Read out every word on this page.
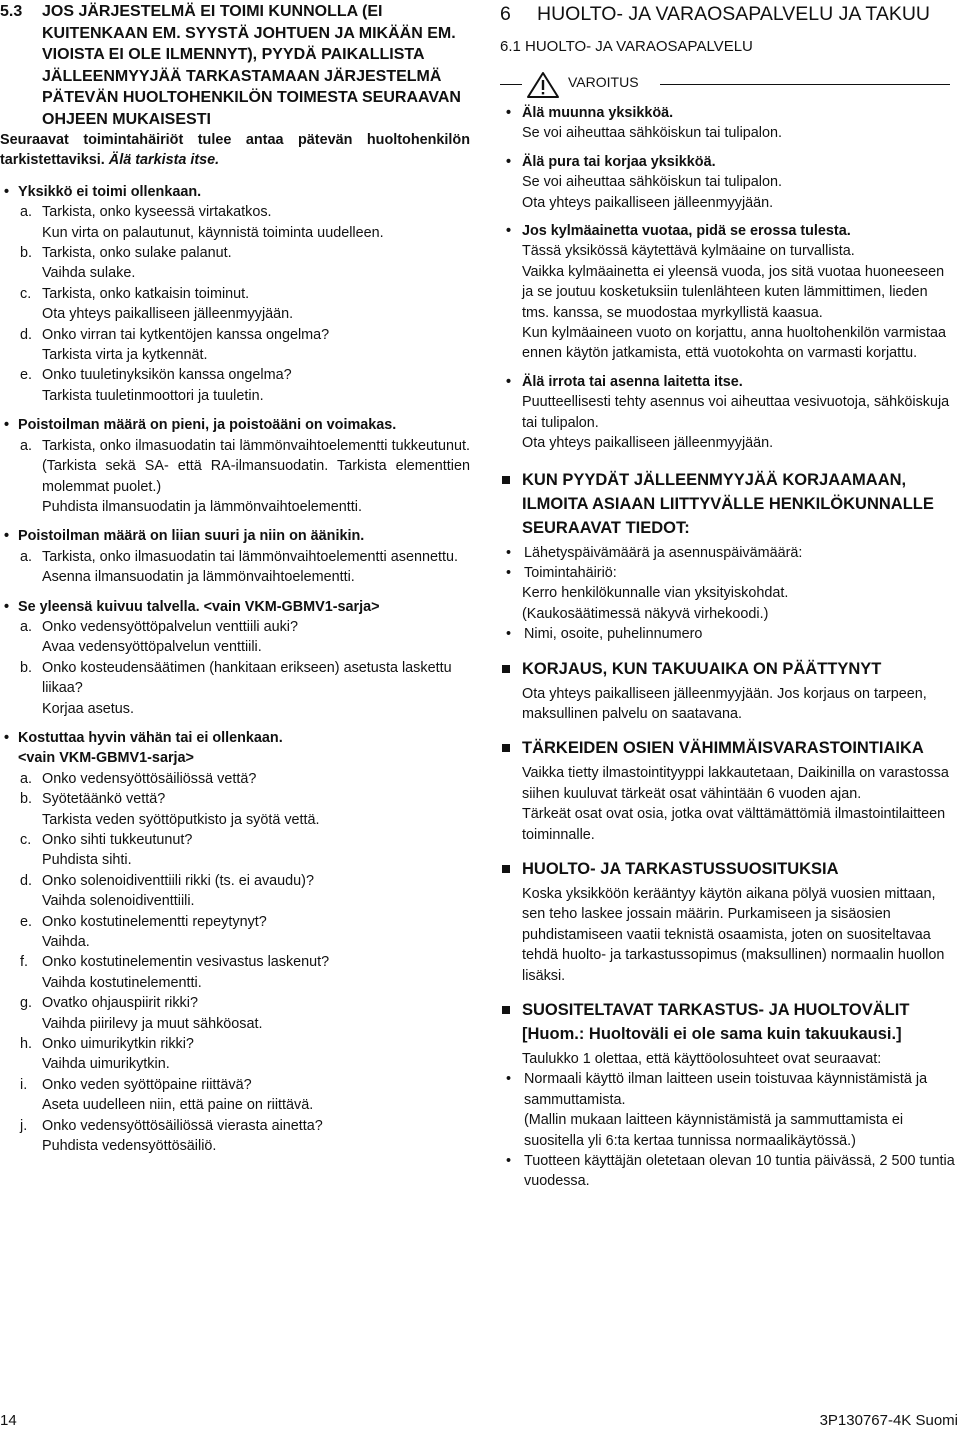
5.3 JOS JÄRJESTELMÄ EI TOIMI KUNNOLLA (EI KUITENKAAN EM. SYYSTÄ JOHTUEN JA MIKÄÄN EM. VIOISTA EI OLE ILMENNYT), PYYDÄ PAIKALLISTA JÄLLEENMYYJÄÄ TARKASTAMAAN JÄRJESTELMÄ PÄTEVÄN HUOLTOHENKILÖN TOIMESTA SEURAAVAN OHJEEN MUKAISESTI

Seuraavat toimintahäiriöt tulee antaa pätevän huoltohenkilön tarkistettaviksi. Älä tarkista itse.

• Yksikkö ei toimi ollenkaan.
a. Tarkista, onko kyseessä virtakatkos.
Kun virta on palautunut, käynnistä toiminta uudelleen.
b. Tarkista, onko sulake palanut.
Vaihda sulake.
c. Tarkista, onko katkaisin toiminut.
Ota yhteys paikalliseen jälleenmyyjään.
d. Onko virran tai kytkentöjen kanssa ongelma?
Tarkista virta ja kytkennät.
e. Onko tuuletinyksikön kanssa ongelma?
Tarkista tuuletinmoottori ja tuuletin.
• Poistoilman määrä on pieni, ja poistoääni on voimakas.
a. Tarkista, onko ilmasuodatin tai lämmönvaihtoelementti tukkeutunut. (Tarkista sekä SA- että RA-ilmansuodatin. Tarkista elementtien molemmat puolet.)
Puhdista ilmansuodatin ja lämmönvaihtoelementti.
• Poistoilman määrä on liian suuri ja niin on äänikin.
a. Tarkista, onko ilmasuodatin tai lämmönvaihtoelementti asennettu.
Asenna ilmansuodatin ja lämmönvaihtoelementti.
• Se yleensä kuivuu talvella. <vain VKM-GBMV1-sarja>
a. Onko vedensyöttöpalvelun venttiili auki?
Avaa vedensyöttöpalvelun venttiili.
b. Onko kosteudensäätimen (hankitaan erikseen) asetusta laskettu liikaa?
Korjaa asetus.
• Kostuttaa hyvin vähän tai ei ollenkaan.
<vain VKM-GBMV1-sarja>
a. Onko vedensyöttösäiliössä vettä?
b. Syötetäänkö vettä?
Tarkista veden syöttöputkisto ja syötä vettä.
c. Onko sihti tukkeutunut?
Puhdista sihti.
d. Onko solenoidiventtiili rikki (ts. ei avaudu)?
Vaihda solenoidiventtiili.
e. Onko kostutinelementti repeytynyt?
Vaihda.
f. Onko kostutinelementin vesivastus laskenut?
Vaihda kostutinelementti.
g. Ovatko ohjauspiirit rikki?
Vaihda piirilevy ja muut sähköosat.
h. Onko uimurikytkin rikki?
Vaihda uimurikytkin.
i. Onko veden syöttöpaine riittävä?
Aseta uudelleen niin, että paine on riittävä.
j. Onko vedensyöttösäiliössä vierasta ainetta?
Puhdista vedensyöttösäiliö.
6 HUOLTO- JA VARAOSAPALVELU JA TAKUU
6.1 HUOLTO- JA VARAOSAPALVELU
VAROITUS
• Älä muunna yksikköä.
Se voi aiheuttaa sähköiskun tai tulipalon.
• Älä pura tai korjaa yksikköä.
Se voi aiheuttaa sähköiskun tai tulipalon.
Ota yhteys paikalliseen jälleenmyyjään.
• Jos kylmäainetta vuotaa, pidä se erossa tulesta.
Tässä yksikössä käytettävä kylmäaine on turvallista.
Vaikka kylmäainetta ei yleensä vuoda, jos sitä vuotaa huoneeseen ja se joutuu kosketuksiin tulenlähteen kuten lämmittimen, lieden tms. kanssa, se muodostaa myrkyllistä kaasua.
Kun kylmäaineen vuoto on korjattu, anna huoltohenkilön varmistaa ennen käytön jatkamista, että vuotokohta on varmasti korjattu.
• Älä irrota tai asenna laitetta itse.
Puutteellisesti tehty asennus voi aiheuttaa vesivuotoja, sähköiskuja tai tulipalon.
Ota yhteys paikalliseen jälleenmyyjään.
KUN PYYDÄT JÄLLEENMYYJÄÄ KORJAAMAAN, ILMOITA ASIAAN LIITTYVÄLLE HENKILÖKUNNALLE SEURAAVAT TIEDOT:
• Lähetyspäivämäärä ja asennuspäivämäärä:
• Toimintahäiriö:
Kerro henkilökunnalle vian yksityiskohdat.
(Kaukosäätimessä näkyvä virhekoodi.)
• Nimi, osoite, puhelinnumero
KORJAUS, KUN TAKUUAIKA ON PÄÄTTYNYT
Ota yhteys paikalliseen jälleenmyyjään. Jos korjaus on tarpeen, maksullinen palvelu on saatavana.
TÄRKEIDEN OSIEN VÄHIMMÄISVARASTOINTIAIKA
Vaikka tietty ilmastointityyppi lakkautetaan, Daikinilla on varastossa siihen kuuluvat tärkeät osat vähintään 6 vuoden ajan.
Tärkeät osat ovat osia, jotka ovat välttämättömiä ilmastointilaitteen toiminnalle.
HUOLTO- JA TARKASTUSSUOSITUKSIA
Koska yksikköön kerääntyy käytön aikana pölyä vuosien mittaan, sen teho laskee jossain määrin. Purkamiseen ja sisäosien puhdistamiseen vaatii teknistä osaamista, joten on suositeltavaa tehdä huolto- ja tarkastussopimus (maksullinen) normaalin huollon lisäksi.
SUOSITELTAVAT TARKASTUS- JA HUOLTOVÄLIT [Huom.: Huoltoväli ei ole sama kuin takuukausi.]
Taulukko 1 olettaa, että käyttöolosuhteet ovat seuraavat:
• Normaali käyttö ilman laitteen usein toistuvaa käynnistämistä ja sammuttamista.
(Mallin mukaan laitteen käynnistämistä ja sammuttamista ei suositella yli 6:ta kertaa tunnissa normaalikäytössä.)
• Tuotteen käyttäjän oletetaan olevan 10 tuntia päivässä, 2 500 tuntia vuodessa.
14	3P130767-4K Suomi
